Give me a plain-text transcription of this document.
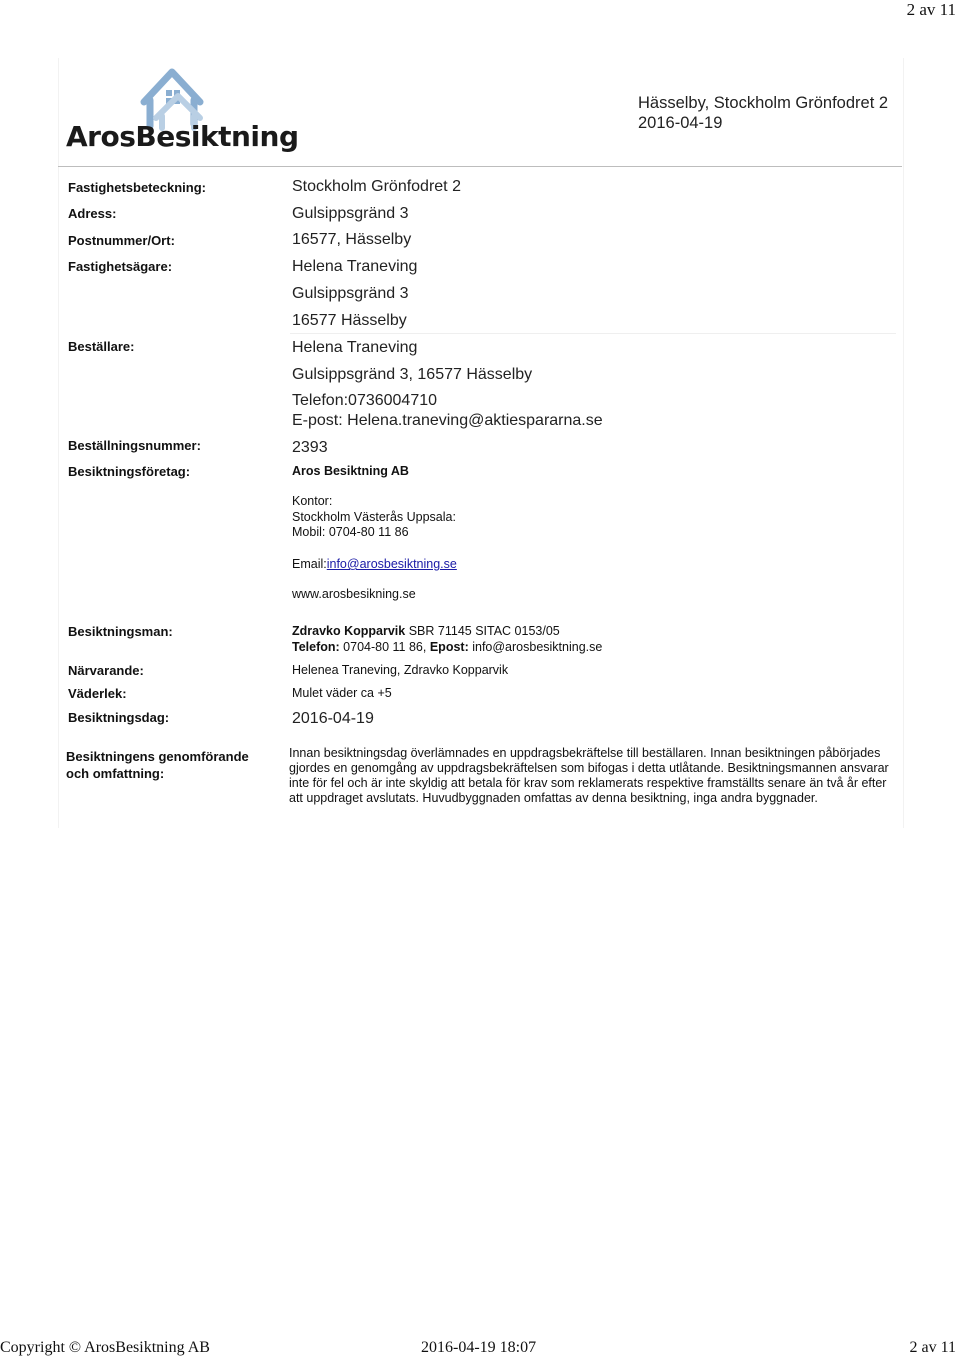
2 av 11
ArosBesiktning
Hässelby, Stockholm Grönfodret 2
2016-04-19
Fastighetsbeteckning:	Stockholm Grönfodret 2
Adress:	Gulsippsgränd 3
Postnummer/Ort:	16577, Hässelby
Fastighetsägare:	Helena Traneving
Gulsippsgränd 3
16577 Hässelby
Beställare:	Helena Traneving
Gulsippsgränd 3, 16577 Hässelby
Telefon:0736004710
E-post: Helena.traneving@aktiespararna.se
Beställningsnummer:	2393
Besiktningsföretag:	Aros Besiktning AB
Kontor:
Stockholm Västerås Uppsala:
Mobil: 0704-80 11 86
Email:info@arosbesiktning.se
www.arosbesikning.se
Besiktningsman:	Zdravko Kopparvik SBR 71145 SITAC 0153/05
Telefon: 0704-80 11 86, Epost: info@arosbesiktning.se
Närvarande:	Helenea Traneving, Zdravko Kopparvik
Väderlek:	Mulet väder ca +5
Besiktningsdag:	2016-04-19
Besiktningens genomförande
och omfattning:
Innan besiktningsdag överlämnades en uppdragsbekräftelse till beställaren. Innan besiktningen påbörjades gjordes en genomgång av uppdragsbekräftelsen som bifogas i detta utlåtande. Besiktningsmannen ansvarar inte för fel och är inte skyldig att betala för krav som reklamerats respektive framställts senare än två år efter att uppdraget avslutats. Huvudbyggnaden omfattas av denna besiktning, inga andra byggnader.
Copyright © ArosBesiktning AB	2016-04-19 18:07	2 av 11
